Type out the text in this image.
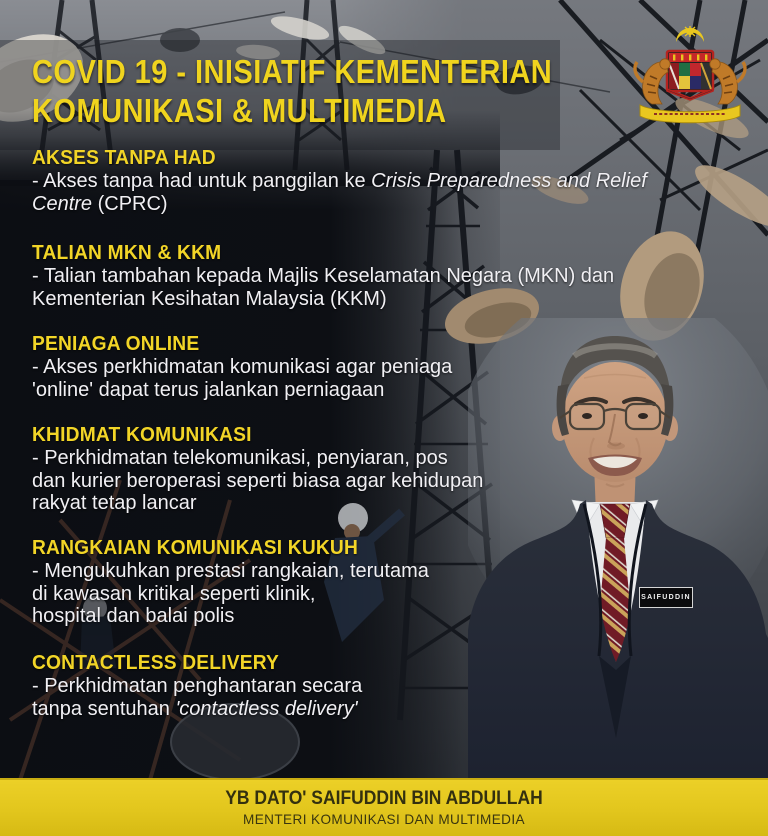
SAIFUDDIN
COVID 19 - INISIATIF KEMENTERIAN
KOMUNIKASI & MULTIMEDIA
AKSES TANPA HAD
- Akses tanpa had untuk panggilan ke Crisis Preparedness and Relief
Centre (CPRC)
TALIAN MKN & KKM
- Talian tambahan kepada Majlis Keselamatan Negara (MKN) dan
Kementerian Kesihatan Malaysia (KKM)
PENIAGA ONLINE
- Akses perkhidmatan komunikasi agar peniaga
'online' dapat terus jalankan perniagaan
KHIDMAT KOMUNIKASI
- Perkhidmatan telekomunikasi, penyiaran, pos
dan kurier beroperasi seperti biasa agar kehidupan
rakyat tetap lancar
RANGKAIAN KOMUNIKASI KUKUH
- Mengukuhkan prestasi rangkaian, terutama
di kawasan kritikal seperti klinik,
hospital dan balai polis
CONTACTLESS DELIVERY
- Perkhidmatan penghantaran secara
tanpa sentuhan 'contactless delivery'
YB DATO' SAIFUDDIN BIN ABDULLAH
MENTERI KOMUNIKASI DAN MULTIMEDIA
